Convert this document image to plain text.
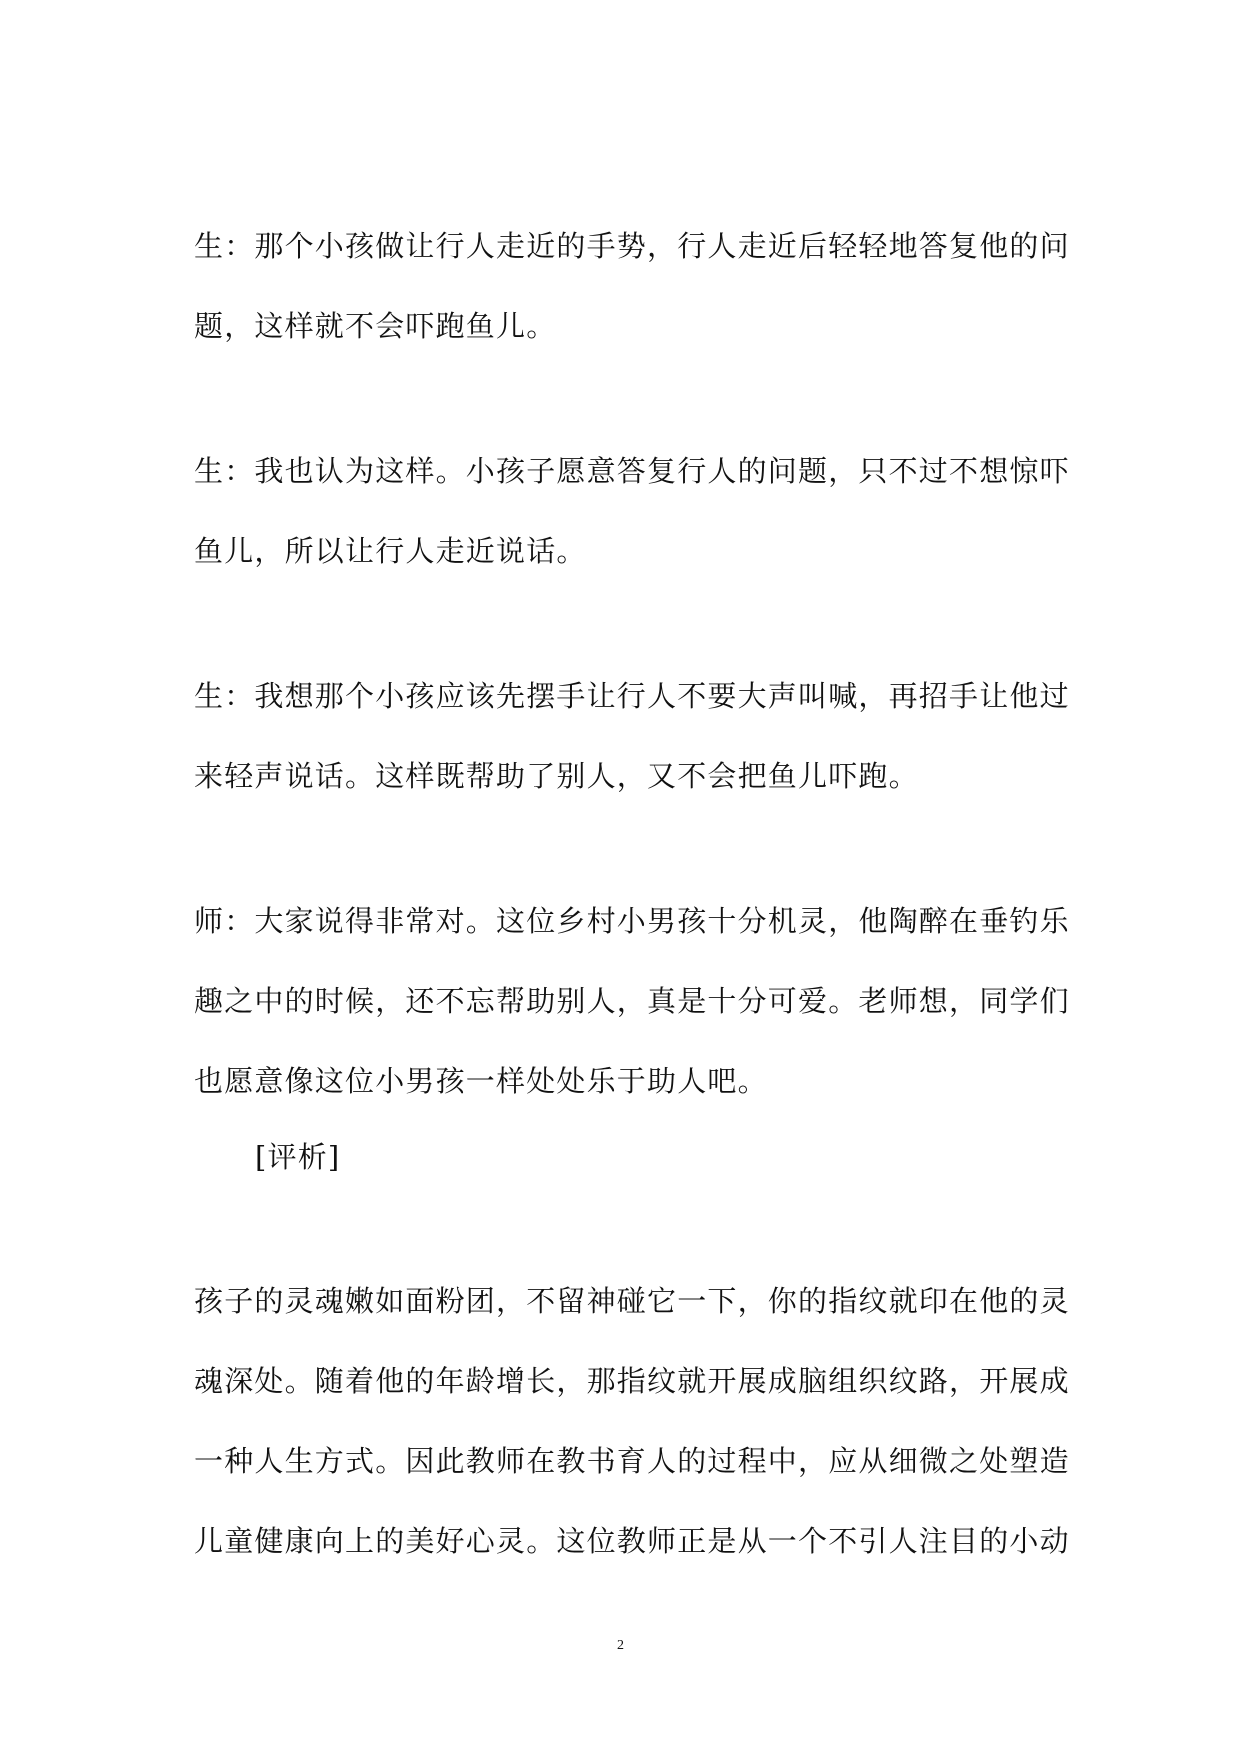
生：那个小孩做让行人走近的手势，行人走近后轻轻地答复他的问
题，这样就不会吓跑鱼儿。
生：我也认为这样。小孩子愿意答复行人的问题，只不过不想惊吓
鱼儿，所以让行人走近说话。
生：我想那个小孩应该先摆手让行人不要大声叫喊，再招手让他过
来轻声说话。这样既帮助了别人，又不会把鱼儿吓跑。
师：大家说得非常对。这位乡村小男孩十分机灵，他陶醉在垂钓乐
趣之中的时候，还不忘帮助别人，真是十分可爱。老师想，同学们
也愿意像这位小男孩一样处处乐于助人吧。
[评析]
孩子的灵魂嫩如面粉团，不留神碰它一下，你的指纹就印在他的灵
魂深处。随着他的年龄增长，那指纹就开展成脑组织纹路，开展成
一种人生方式。因此教师在教书育人的过程中，应从细微之处塑造
儿童健康向上的美好心灵。这位教师正是从一个不引人注目的小动
2
